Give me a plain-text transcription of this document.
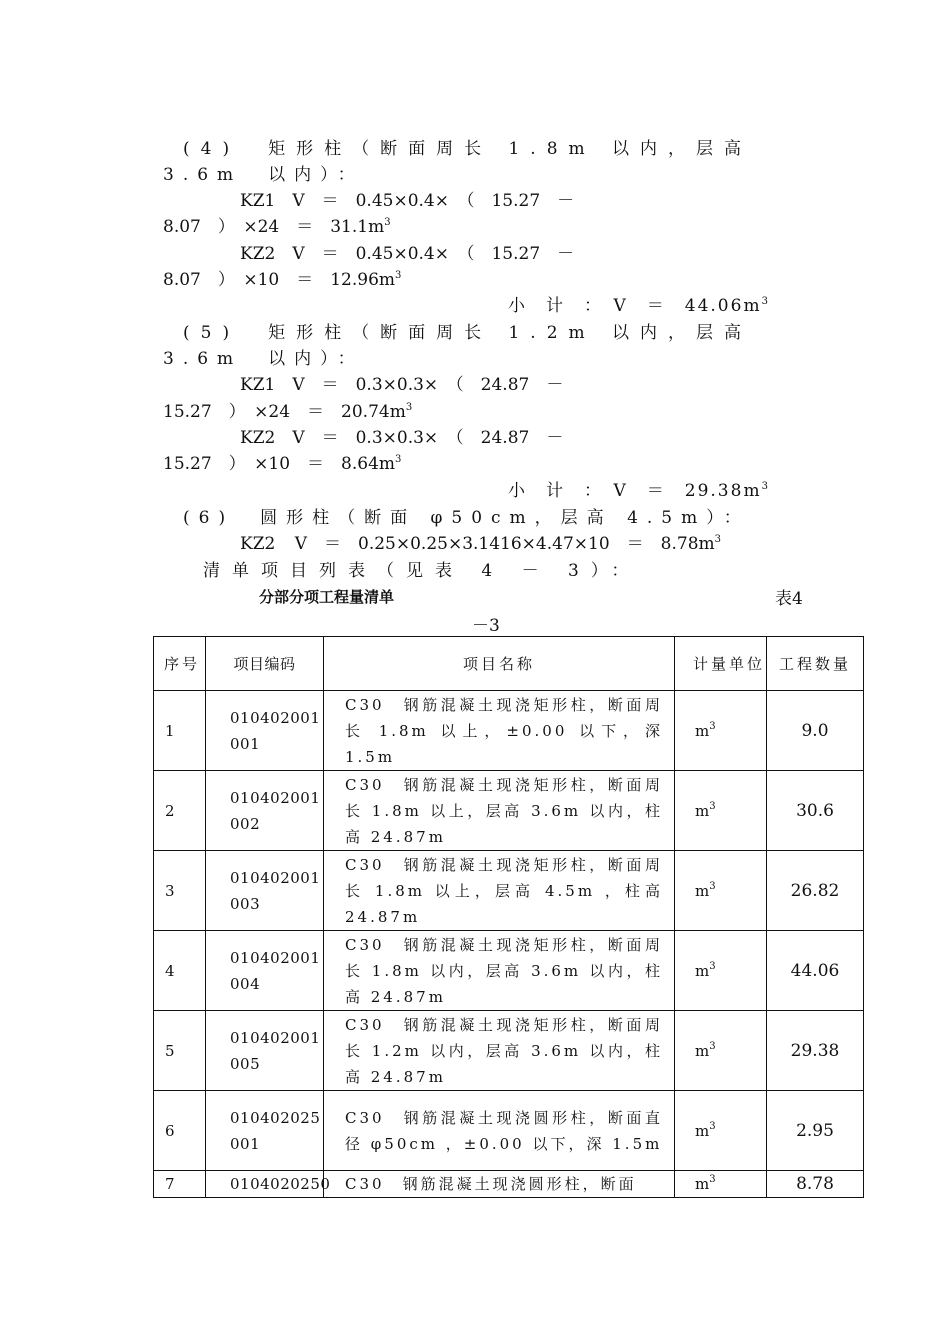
(4)　矩形柱（断面周长 1.8m 以内，层高
3.6m　以内）：
KZ1　V　＝　0.45×0.4×　（　15.27　－
8.07　）　×24　＝　$31.1m^3$
KZ2　V　＝　0.45×0.4×　（　15.27　－
8.07　）　×10　＝　$12.96m^3$
小　计　：　V　＝　$44.06m^3$
(5)　矩形柱（断面周长 1.2m 以内，层高
3.6m　以内）：
KZ1　V　＝　0.3×0.3×　（　24.87　－
15.27　）　×24　＝　$20.74m^3$
KZ2　V　＝　0.3×0.3×　（　24.87　－
15.27　）　×10　＝　$8.64m^3$
小　计　：　V　＝　$29.38m^3$
(6)　圆形柱（断面 φ50cm，层高 4.5m）：
KZ2 V　＝　0.25×0.25×3.1416×4.47×10　＝　$8.78m^3$
清单项目列表（见表 4 － 3）：
分部分项工程量清单	表4
－3
序号	项目编码	项目名称	计量单位	工程数量
1	010402001001	C30　钢筋混凝土现浇矩形柱，断面周长 1.8m 以上，±0.00 以下，深 1.5m	$m^3$	9.0
2	010402001002	C30　钢筋混凝土现浇矩形柱，断面周长 1.8m 以上，层高 3.6m 以内，柱高 24.87m	$m^3$	30.6
3	010402001003	C30　钢筋混凝土现浇矩形柱，断面周长 1.8m 以上，层高 4.5m ，柱高 24.87m	$m^3$	26.82
4	010402001004	C30　钢筋混凝土现浇矩形柱，断面周长 1.8m 以内，层高 3.6m 以内，柱高 24.87m	$m^3$	44.06
5	010402001005	C30　钢筋混凝土现浇矩形柱，断面周长 1.2m 以内，层高 3.6m 以内，柱高 24.87m	$m^3$	29.38
6	010402025001	C30　钢筋混凝土现浇圆形柱，断面直径 φ50cm ，±0.00 以下，深 1.5m	$m^3$	2.95
7	0104020250	C30　钢筋混凝土现浇圆形柱，断面	$m^3$	8.78
